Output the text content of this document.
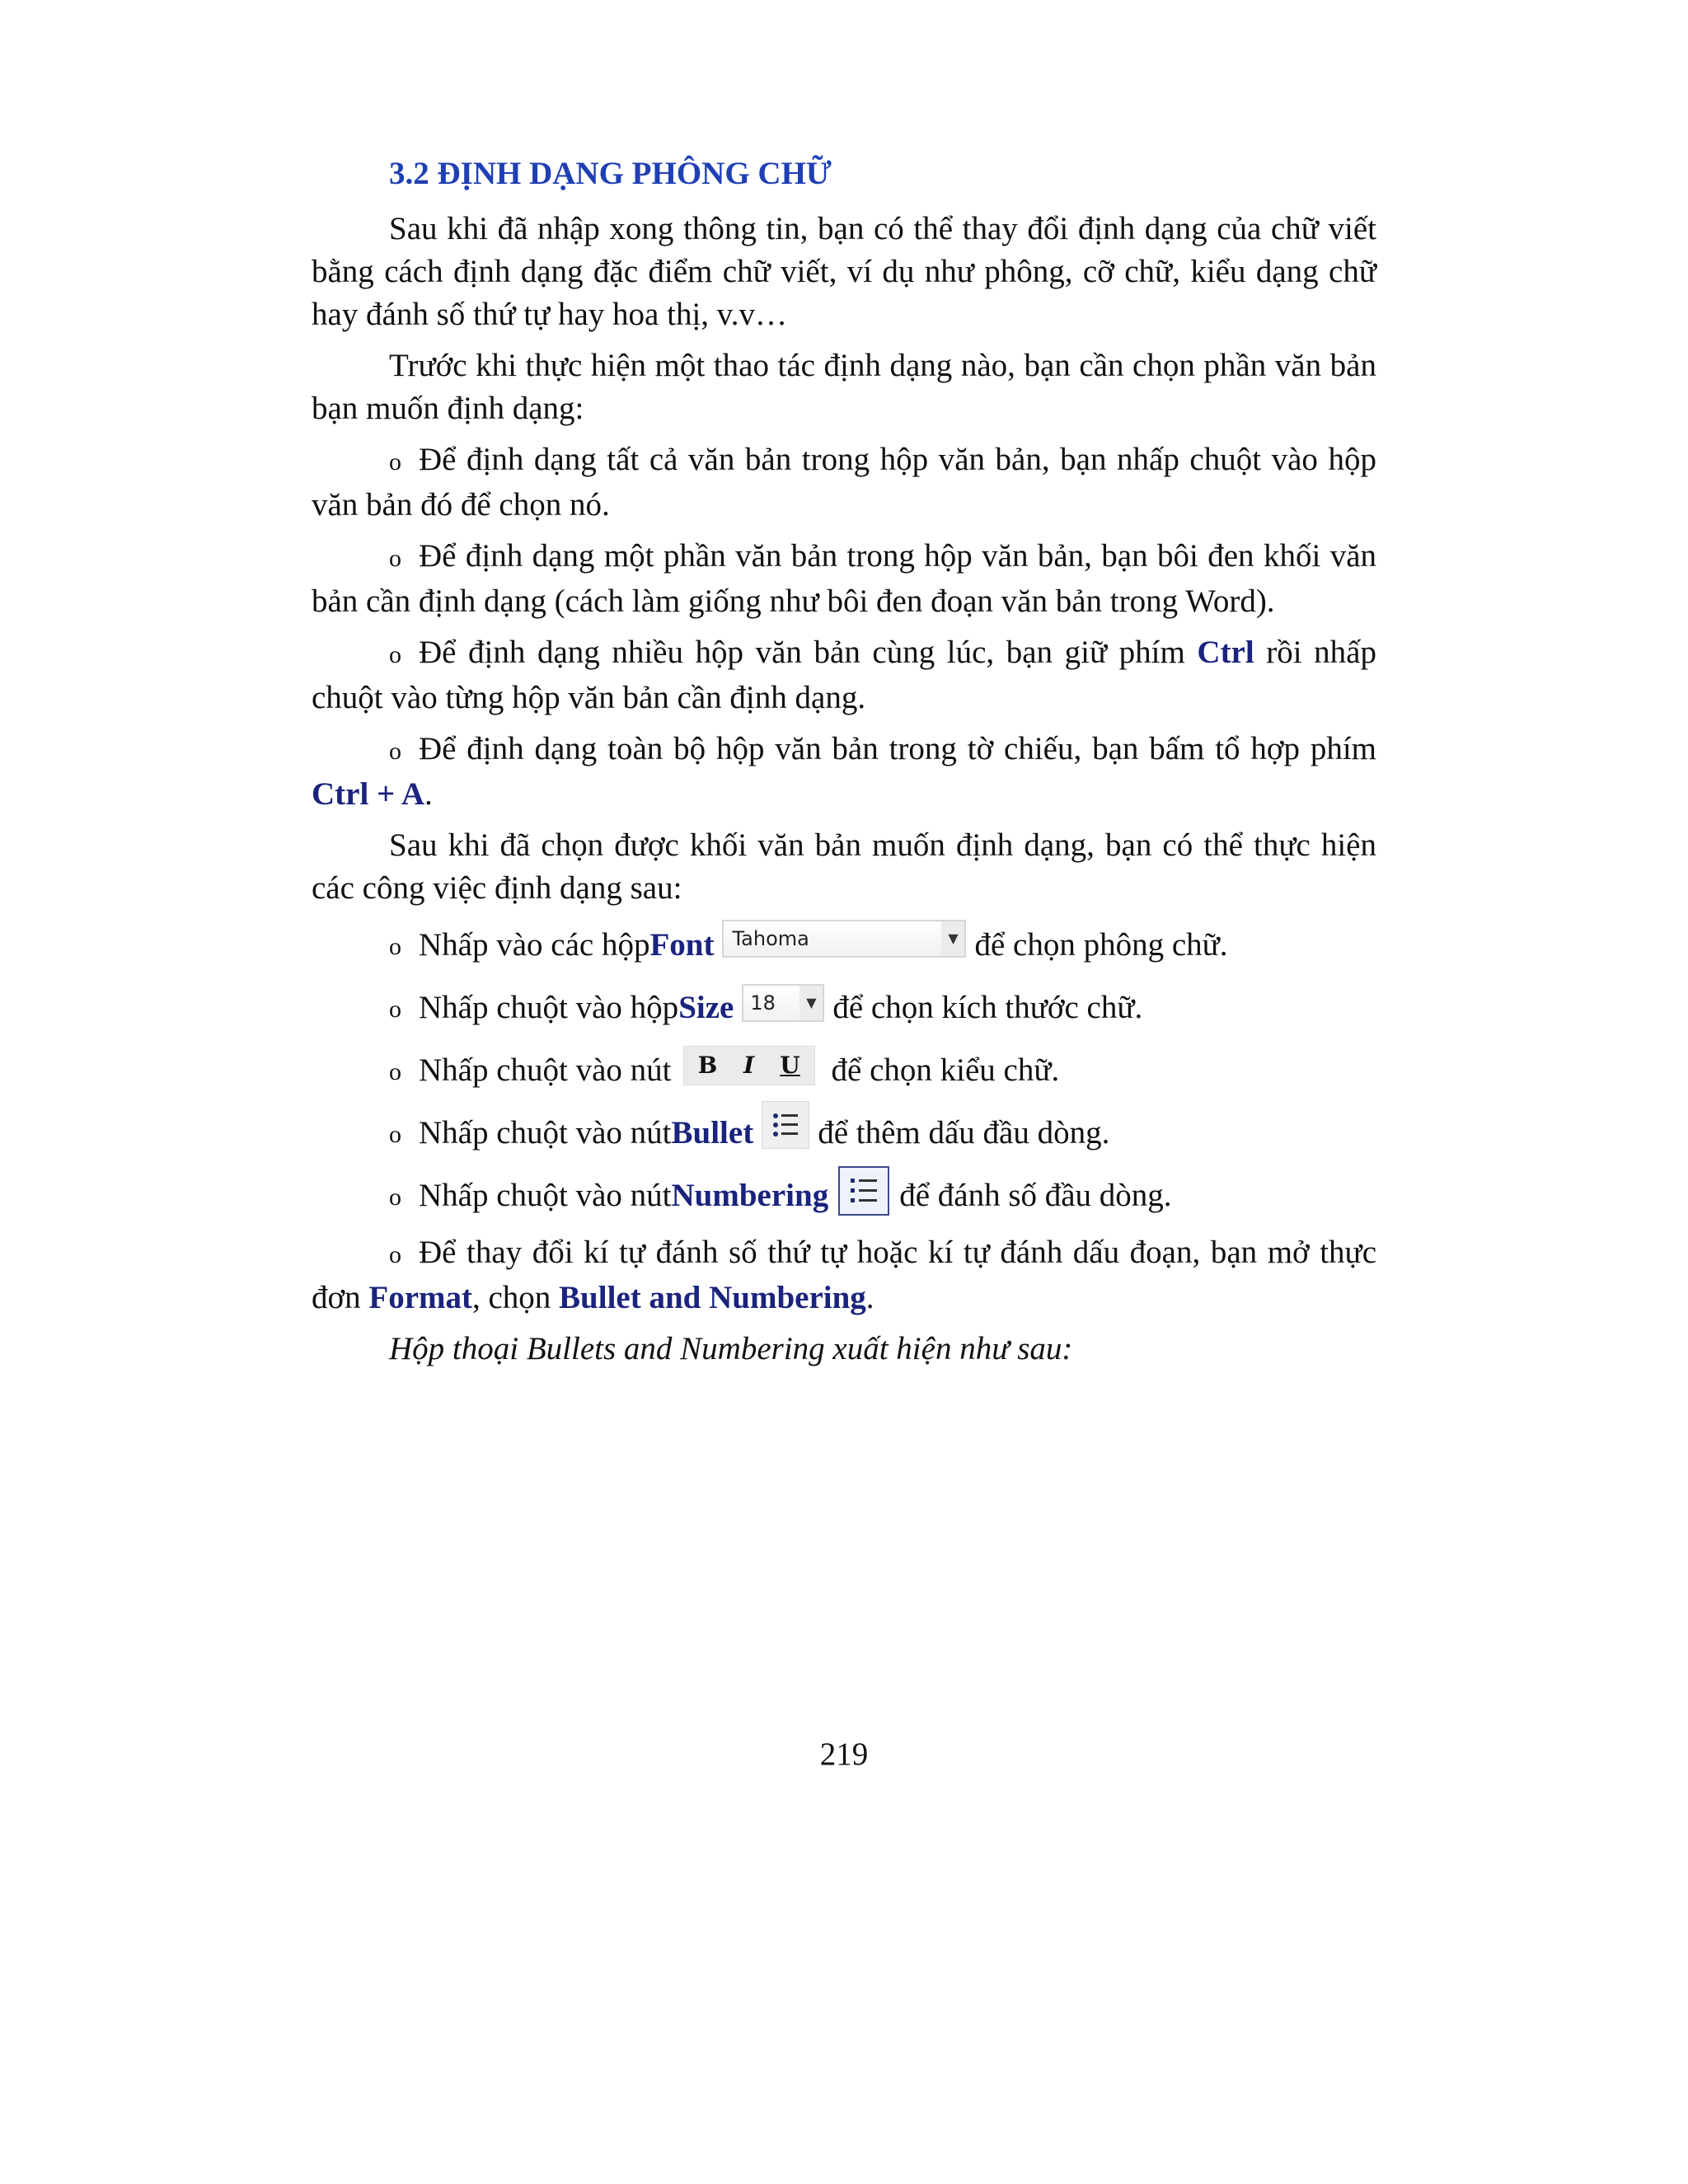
3.2 ĐỊNH DẠNG PHÔNG CHỮ

Sau khi đã nhập xong thông tin, bạn có thể thay đổi định dạng của chữ viết bằng cách định dạng đặc điểm chữ viết, ví dụ như phông, cỡ chữ, kiểu dạng chữ hay đánh số thứ tự hay hoa thị, v.v…

Trước khi thực hiện một thao tác định dạng nào, bạn cần chọn phần văn bản bạn muốn định dạng:

o Để định dạng tất cả văn bản trong hộp văn bản, bạn nhấp chuột vào hộp văn bản đó để chọn nó.

o Để định dạng một phần văn bản trong hộp văn bản, bạn bôi đen khối văn bản cần định dạng (cách làm giống như bôi đen đoạn văn bản trong Word).

o Để định dạng nhiều hộp văn bản cùng lúc, bạn giữ phím Ctrl rồi nhấp chuột vào từng hộp văn bản cần định dạng.

o Để định dạng toàn bộ hộp văn bản trong tờ chiếu, bạn bấm tổ hợp phím Ctrl + A.

Sau khi đã chọn được khối văn bản muốn định dạng, bạn có thể thực hiện các công việc định dạng sau:

o Nhấp vào các hộp Font Tahoma	▼ để chọn phông chữ.
o Nhấp chuột vào hộp Size 18	▼ để chọn kích thước chữ.
o Nhấp chuột vào nút	B	I	U để chọn kiểu chữ.
o Nhấp chuột vào nút Bullet để thêm dấu đầu dòng.
o Nhấp chuột vào nút Numbering để đánh số đầu dòng.

o Để thay đổi kí tự đánh số thứ tự hoặc kí tự đánh dấu đoạn, bạn mở thực đơn Format, chọn Bullet and Numbering.

Hộp thoại Bullets and Numbering xuất hiện như sau:

219
